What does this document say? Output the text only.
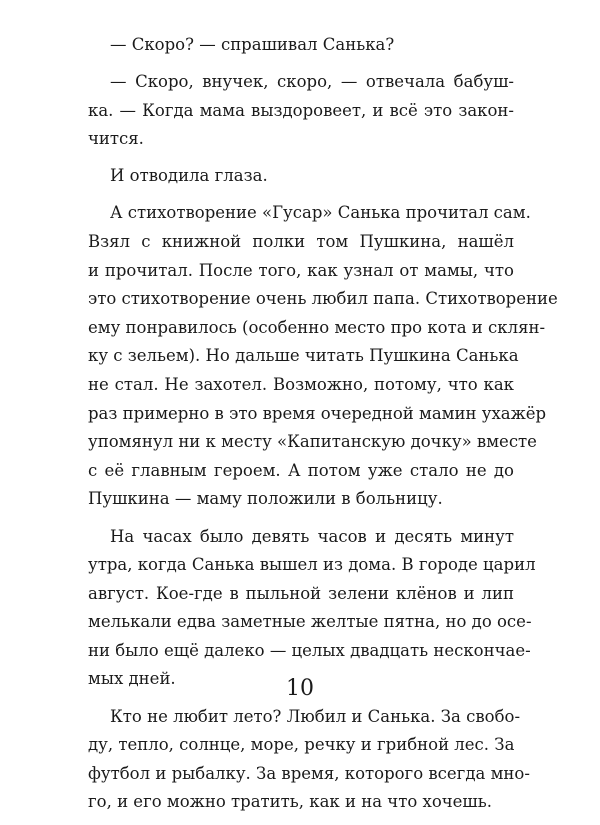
— Скоро? — спрашивал Санька?
— Скоро, внучек, скоро, — отвечала бабуш-
ка. — Когда мама выздоровеет, и всё это закон-
чится.
И отводила глаза.
А стихотворение «Гусар» Санька прочитал сам.
Взял с книжной полки том Пушкина, нашёл
и прочитал. После того, как узнал от мамы, что
это стихотворение очень любил папа. Стихотворение
ему понравилось (особенно место про кота и склян-
ку с зельем). Но дальше читать Пушкина Санька
не стал. Не захотел. Возможно, потому, что как
раз примерно в это время очередной мамин ухажёр
упомянул ни к месту «Капитанскую дочку» вместе
с её главным героем. А потом уже стало не до
Пушкина — маму положили в больницу.
На часах было девять часов и десять минут
утра, когда Санька вышел из дома. В городе царил
август. Кое-где в пыльной зелени клёнов и лип
мелькали едва заметные желтые пятна, но до осе-
ни было ещё далеко — целых двадцать нескончае-
мых дней.
Кто не любит лето? Любил и Санька. За свобо-
ду, тепло, солнце, море, речку и грибной лес. За
футбол и рыбалку. За время, которого всегда мно-
го, и его можно тратить, как и на что хочешь.
10
